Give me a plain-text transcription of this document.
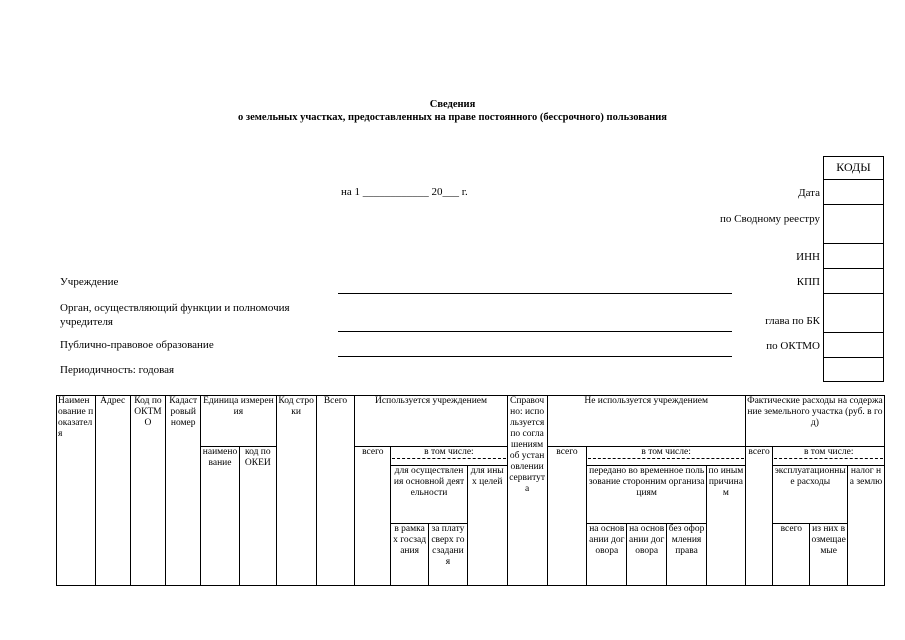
Сведения
о земельных участках, предоставленных на праве постоянного (бессрочного) пользования
на 1 ____________ 20___ г.
КОДЫ
Дата
по Сводному реестру
ИНН
КПП
глава по БК
по ОКТМО
Учреждение
Орган, осуществляющий функции и полномочия учредителя
Публично-правовое образование
Периодичность: годовая
Наименование показателя	Адрес	Код по ОКТМО	Кадастровый номер	Единица измерения		Код строки	Всего	Используется учреждением				Справочно: используется по соглашениям об установлении сервитута	Не используется учреждением					Фактические расходы на содержание земельного участка (руб. в год)			
				наименование	код по ОКЕИ			всего	в том числе:				всего	в том числе:				всего	в том числе:		
									для осуществления основной деятельности		для иных целей			передано во временное пользование сторонним организациям			по иным причинам		эксплуатационные расходы		налог на землю
									в рамках госзадания	за плату сверх госзадания				на основании договора	на основании договора	без оформления права			всего	из них возмещаемые	
